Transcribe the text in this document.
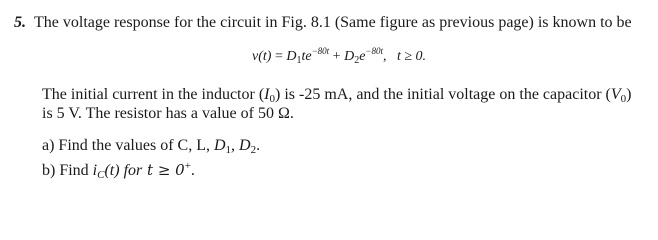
5. The voltage response for the circuit in Fig. 8.1 (Same figure as previous page) is known to be
$v(t) = D_1te^{-80t} + D_2e^{-80t}$, t ≥ 0.
The initial current in the inductor $(I_0)$ is -25 mA, and the initial voltage on the capacitor $(V_0)$
is 5 V. The resistor has a value of 50 Ω.
a) Find the values of C, L, $D_1$, $D_2$.
b) Find $i_C(t)$ for t ≥ 0+.
